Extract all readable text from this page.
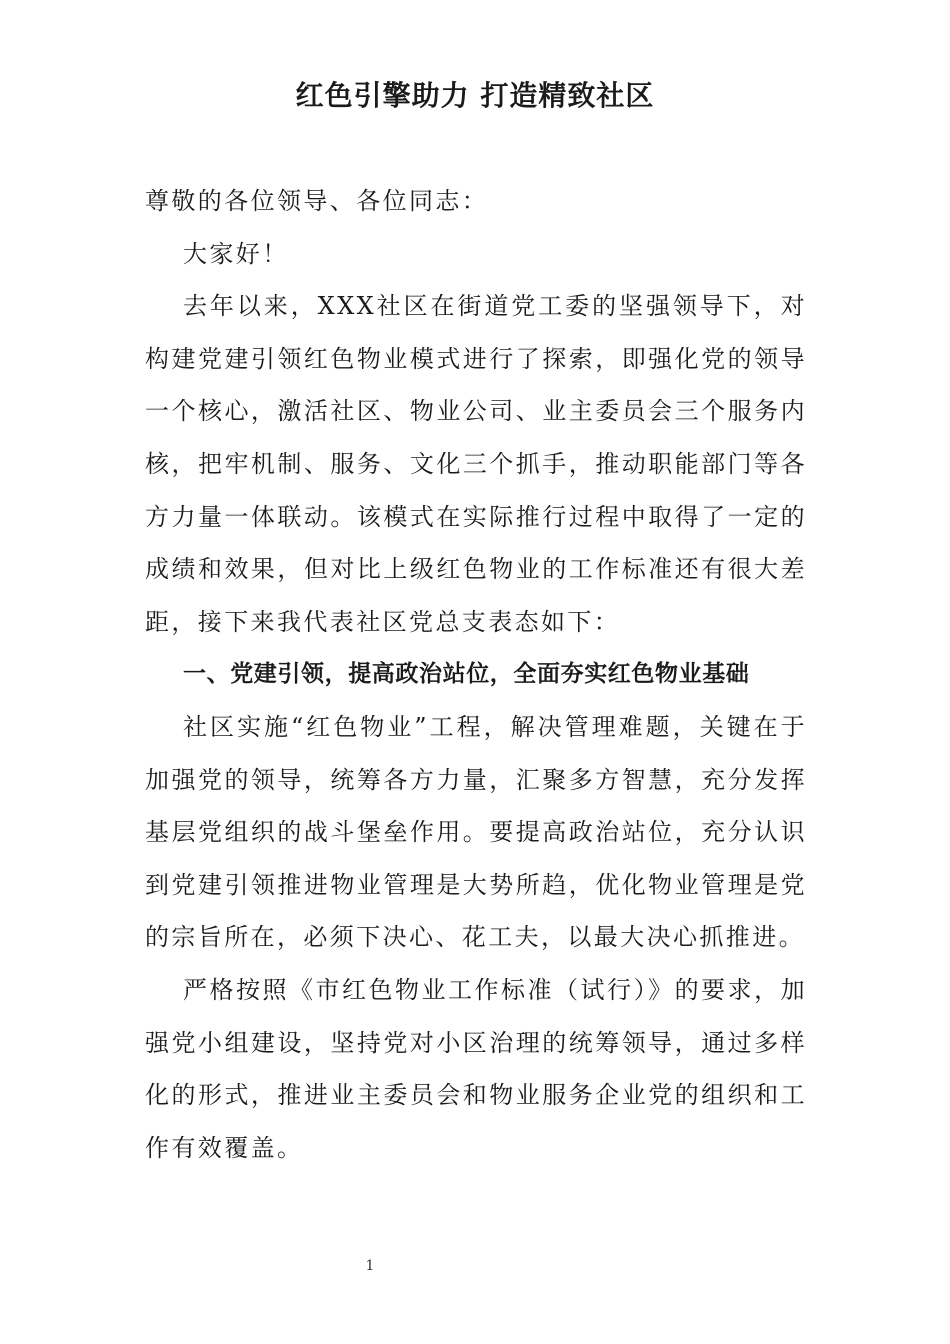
红色引擎助力 打造精致社区

尊敬的各位领导、各位同志：

大家好！

去年以来，XXX社区在街道党工委的坚强领导下，对构建党建引领红色物业模式进行了探索，即强化党的领导一个核心，激活社区、物业公司、业主委员会三个服务内核，把牢机制、服务、文化三个抓手，推动职能部门等各方力量一体联动。该模式在实际推行过程中取得了一定的成绩和效果，但对比上级红色物业的工作标准还有很大差距，接下来我代表社区党总支表态如下：

一、党建引领，提高政治站位，全面夯实红色物业基础

社区实施“红色物业”工程，解决管理难题，关键在于加强党的领导，统筹各方力量，汇聚多方智慧，充分发挥基层党组织的战斗堡垒作用。要提高政治站位，充分认识到党建引领推进物业管理是大势所趋，优化物业管理是党的宗旨所在，必须下决心、花工夫，以最大决心抓推进。

严格按照《市红色物业工作标准（试行）》的要求，加强党小组建设，坚持党对小区治理的统筹领导，通过多样化的形式，推进业主委员会和物业服务企业党的组织和工作有效覆盖。

1
